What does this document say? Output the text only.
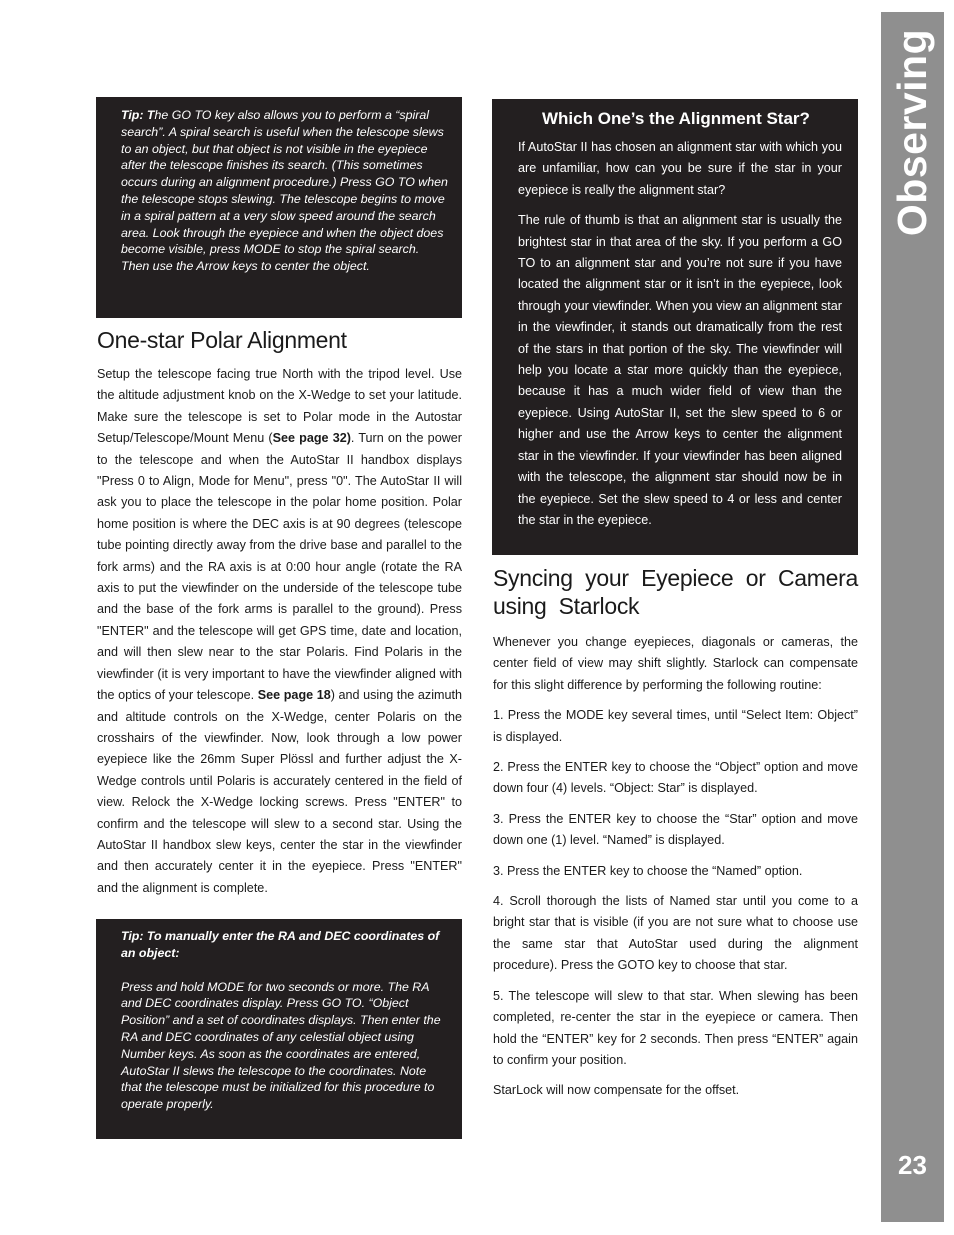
Observing
23

Tip: The GO TO key also allows you to perform a “spiral search”. A spiral search is useful when the telescope slews to an object, but that object is not visible in the eyepiece after the telescope finishes its search. (This sometimes occurs during an alignment procedure.) Press GO TO when the telescope stops slewing. The telescope begins to move in a spiral pattern at a very slow speed around the search area. Look through the eyepiece and when the object does become visible, press MODE to stop the spiral search. Then use the Arrow keys to center the object.

One-star Polar Alignment

Setup the telescope facing true North with the tripod level. Use the altitude adjustment knob on the X-Wedge to set your latitude. Make sure the telescope is set to Polar mode in the Autostar Setup/Telescope/Mount Menu (See page 32). Turn on the power to the telescope and when the AutoStar II handbox displays "Press 0 to Align, Mode for Menu", press "0". The AutoStar II will ask you to place the telescope in the polar home position. Polar home position is where the DEC axis is at 90 degrees (telescope tube pointing directly away from the drive base and parallel to the fork arms) and the RA axis is at 0:00 hour angle (rotate the RA axis to put the viewfinder on the underside of the telescope tube and the base of the fork arms is parallel to the ground). Press "ENTER" and the telescope will get GPS time, date and location, and will then slew near to the star Polaris. Find Polaris in the viewfinder (it is very important to have the viewfinder aligned with the optics of your telescope. See page 18) and using the azimuth and altitude controls on the X-Wedge, center Polaris on the crosshairs of the viewfinder. Now, look through a low power eyepiece like the 26mm Super Plössl and further adjust the X-Wedge controls until Polaris is accurately centered in the field of view. Relock the X-Wedge locking screws. Press "ENTER" to confirm and the telescope will slew to a second star. Using the AutoStar II handbox slew keys, center the star in the viewfinder and then accurately center it in the eyepiece. Press "ENTER" and the alignment is complete.

Tip: To manually enter the RA and DEC coordinates of an object:

Press and hold MODE for two seconds or more. The RA and DEC coordinates display. Press GO TO. “Object Position” and a set of coordinates displays. Then enter the RA and DEC coordinates of any celestial object using Number keys. As soon as the coordinates are entered, AutoStar II slews the telescope to the coordinates. Note that the telescope must be initialized for this procedure to operate properly.

Which One’s the Alignment Star?

If AutoStar II has chosen an alignment star with which you are unfamiliar, how can you be sure if the star in your eyepiece is really the alignment star?

The rule of thumb is that an alignment star is usually the brightest star in that area of the sky. If you perform a GO TO to an alignment star and you’re not sure if you have located the alignment star or it isn’t in the eyepiece, look through your viewfinder. When you view an alignment star in the viewfinder, it stands out dramatically from the rest of the stars in that portion of the sky. The viewfinder will help you locate a star more quickly than the eyepiece, because it has a much wider field of view than the eyepiece. Using AutoStar II, set the slew speed to 6 or higher and use the Arrow keys to center the alignment star in the viewfinder. If your viewfinder has been aligned with the telescope, the alignment star should now be in the eyepiece. Set the slew speed to 4 or less and center the star in the eyepiece.

Syncing your Eyepiece or Camera using Starlock

Whenever you change eyepieces, diagonals or cameras, the center field of view may shift slightly. Starlock can compensate for this slight difference by performing the following routine:

1. Press the MODE key several times, until “Select Item: Object” is displayed.

2. Press the ENTER key to choose the “Object” option and move down four (4) levels. “Object: Star” is displayed.

3. Press the ENTER key to choose the “Star” option and move down one (1) level. “Named” is displayed.

3. Press the ENTER key to choose the “Named” option.

4. Scroll thorough the lists of Named star until you come to a bright star that is visible (if you are not sure what to choose use the same star that AutoStar used during the alignment procedure). Press the GOTO key to choose that star.

5. The telescope will slew to that star. When slewing has been completed, re-center the star in the eyepiece or camera. Then hold the “ENTER” key for 2 seconds. Then press “ENTER” again to confirm your position.

StarLock will now compensate for the offset.
